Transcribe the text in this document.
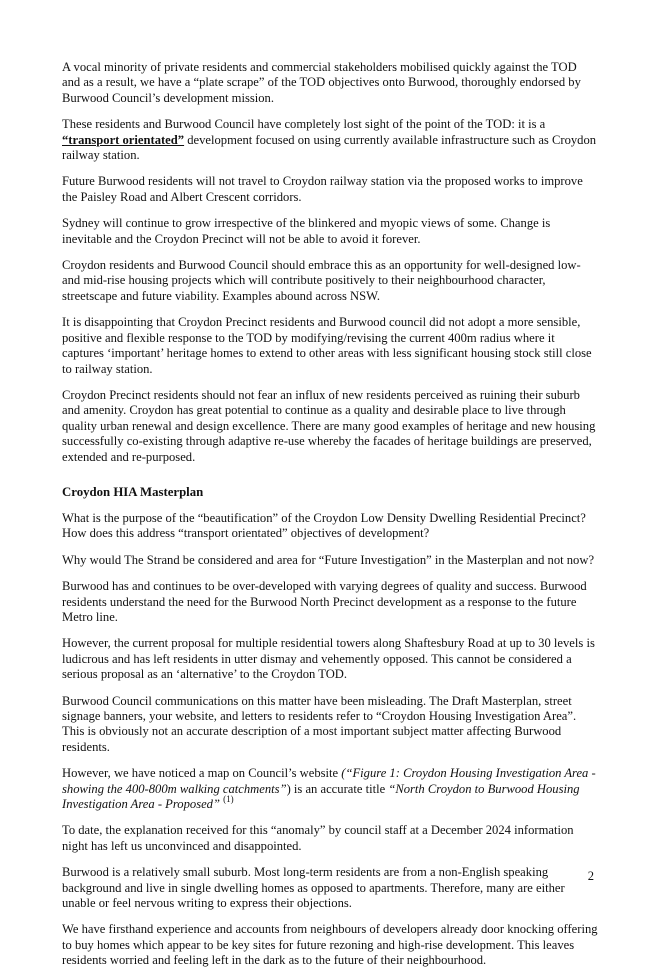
A vocal minority of private residents and commercial stakeholders mobilised quickly against the TOD and as a result, we have a “plate scrape” of the TOD objectives onto Burwood, thoroughly endorsed by Burwood Council’s development mission.

These residents and Burwood Council have completely lost sight of the point of the TOD: it is a “transport orientated” development focused on using currently available infrastructure such as Croydon railway station.

Future Burwood residents will not travel to Croydon railway station via the proposed works to improve the Paisley Road and Albert Crescent corridors.

Sydney will continue to grow irrespective of the blinkered and myopic views of some. Change is inevitable and the Croydon Precinct will not be able to avoid it forever.

Croydon residents and Burwood Council should embrace this as an opportunity for well-designed low- and mid-rise housing projects which will contribute positively to their neighbourhood character, streetscape and future viability. Examples abound across NSW.

It is disappointing that Croydon Precinct residents and Burwood council did not adopt a more sensible, positive and flexible response to the TOD by modifying/revising the current 400m radius where it captures ‘important’ heritage homes to extend to other areas with less significant housing stock still close to railway station.

Croydon Precinct residents should not fear an influx of new residents perceived as ruining their suburb and amenity. Croydon has great potential to continue as a quality and desirable place to live through quality urban renewal and design excellence. There are many good examples of heritage and new housing successfully co-existing through adaptive re-use whereby the facades of heritage buildings are preserved, extended and re-purposed.

Croydon HIA Masterplan

What is the purpose of the “beautification” of the Croydon Low Density Dwelling Residential Precinct? How does this address “transport orientated” objectives of development?

Why would The Strand be considered and area for “Future Investigation” in the Masterplan and not now?

Burwood has and continues to be over-developed with varying degrees of quality and success. Burwood residents understand the need for the Burwood North Precinct development as a response to the future Metro line.

However, the current proposal for multiple residential towers along Shaftesbury Road at up to 30 levels is ludicrous and has left residents in utter dismay and vehemently opposed. This cannot be considered a serious proposal as an ‘alternative’ to the Croydon TOD.

Burwood Council communications on this matter have been misleading. The Draft Masterplan, street signage banners, your website, and letters to residents refer to “Croydon Housing Investigation Area”. This is obviously not an accurate description of a most important subject matter affecting Burwood residents.

However, we have noticed a map on Council’s website (“Figure 1: Croydon Housing Investigation Area - showing the 400-800m walking catchments”) is an accurate title “North Croydon to Burwood Housing Investigation Area - Proposed” $^{(1)}$

To date, the explanation received for this “anomaly” by council staff at a December 2024 information night has left us unconvinced and disappointed.

Burwood is a relatively small suburb. Most long-term residents are from a non-English speaking background and live in single dwelling homes as opposed to apartments. Therefore, many are either unable or feel nervous writing to express their objections.

We have firsthand experience and accounts from neighbours of developers already door knocking offering to buy homes which appear to be key sites for future rezoning and high-rise development. This leaves residents worried and feeling left in the dark as to the future of their neighbourhood.

2
